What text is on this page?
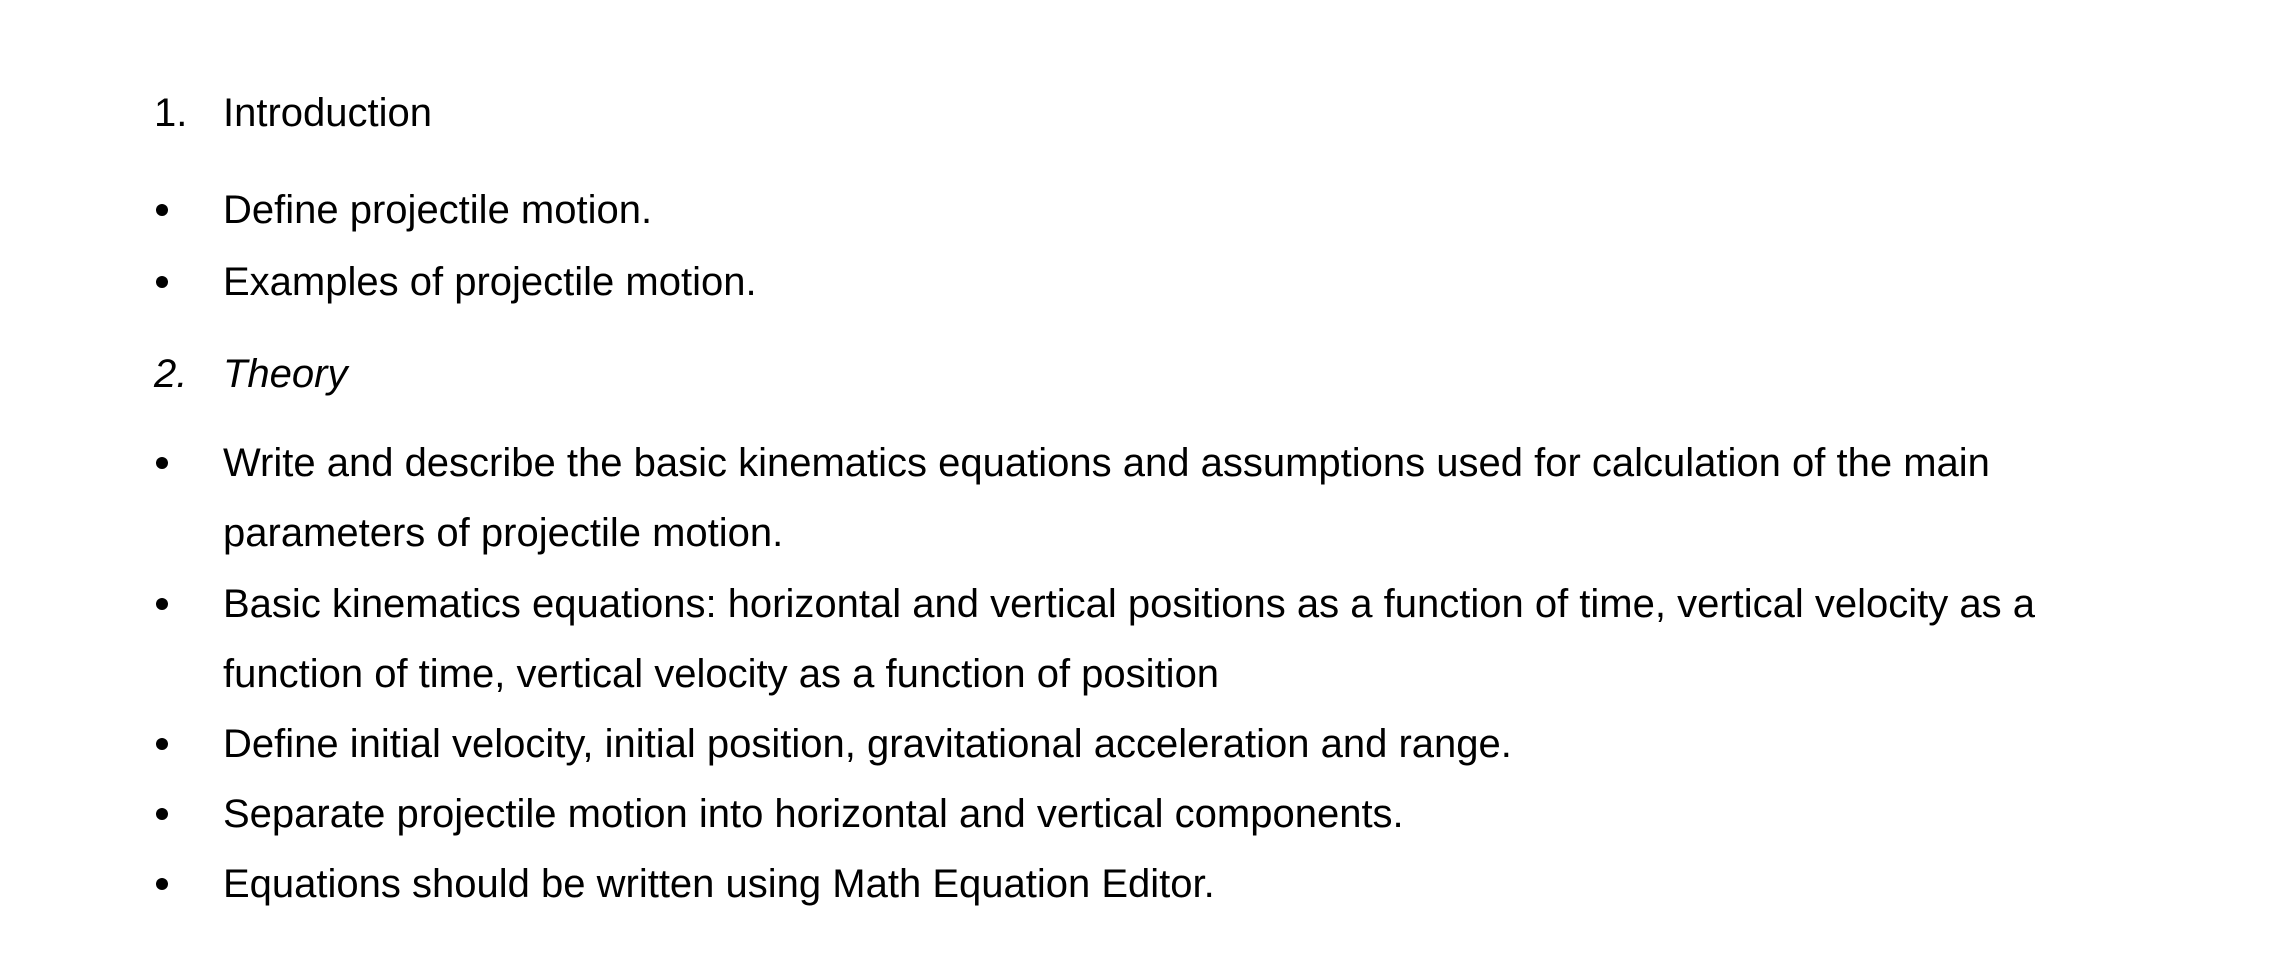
1. Introduction
Define projectile motion.
Examples of projectile motion.
2. Theory
Write and describe the basic kinematics equations and assumptions used for calculation of the main
parameters of projectile motion.
Basic kinematics equations: horizontal and vertical positions as a function of time, vertical velocity as a
function of time, vertical velocity as a function of position
Define initial velocity, initial position, gravitational acceleration and range.
Separate projectile motion into horizontal and vertical components.
Equations should be written using Math Equation Editor.
